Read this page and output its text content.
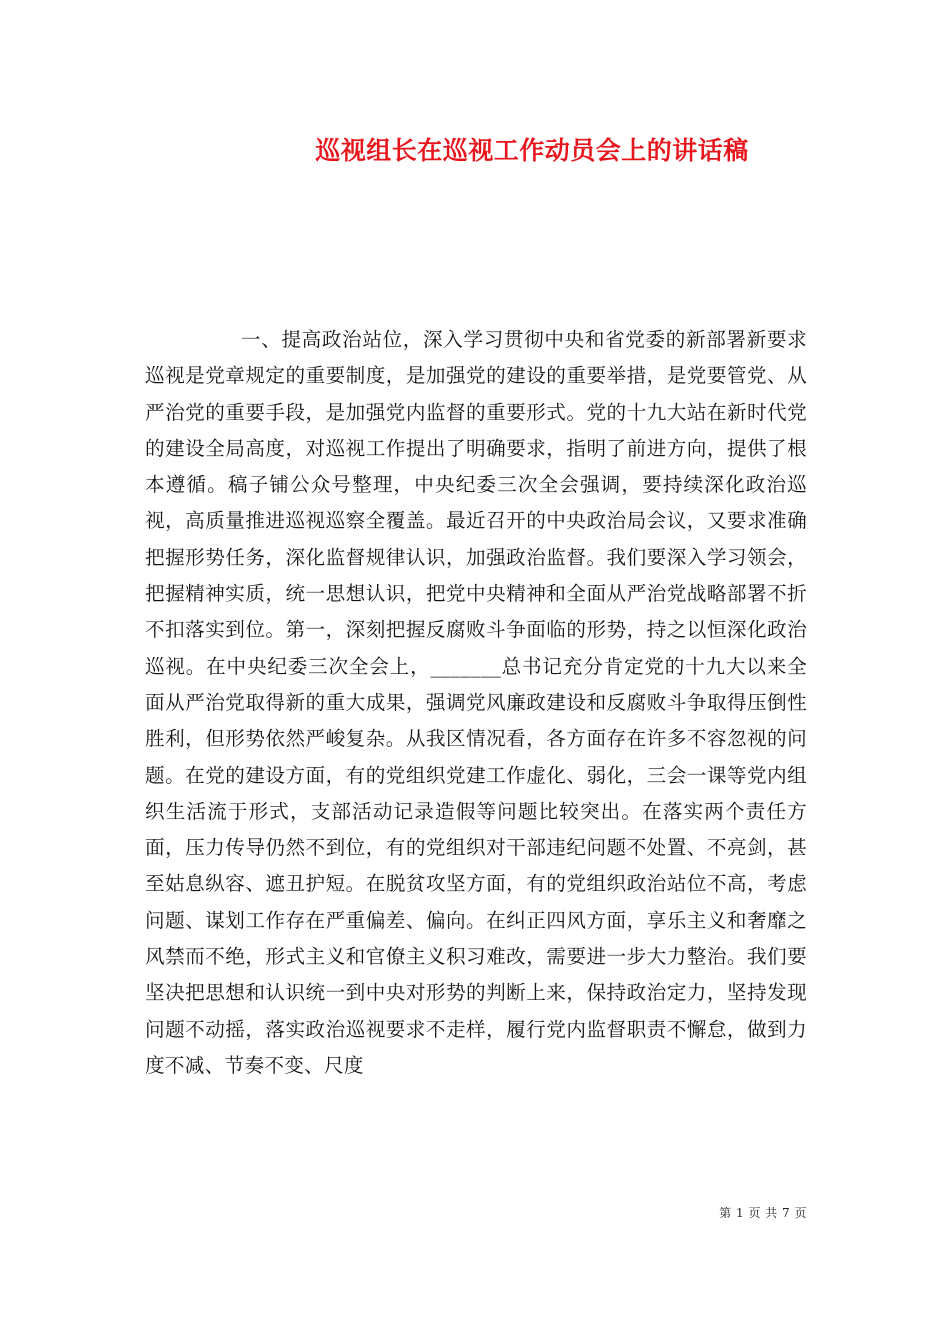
巡视组长在巡视工作动员会上的讲话稿

一、提高政治站位，深入学习贯彻中央和省党委的新部署新要求巡视是党章规定的重要制度，是加强党的建设的重要举措，是党要管党、从严治党的重要手段，是加强党内监督的重要形式。党的十九大站在新时代党的建设全局高度，对巡视工作提出了明确要求，指明了前进方向，提供了根本遵循。稿子铺公众号整理，中央纪委三次全会强调，要持续深化政治巡视，高质量推进巡视巡察全覆盖。最近召开的中央政治局会议，又要求准确把握形势任务，深化监督规律认识，加强政治监督。我们要深入学习领会，把握精神实质，统一思想认识，把党中央精神和全面从严治党战略部署不折不扣落实到位。第一，深刻把握反腐败斗争面临的形势，持之以恒深化政治巡视。在中央纪委三次全会上，_______总书记充分肯定党的十九大以来全面从严治党取得新的重大成果，强调党风廉政建设和反腐败斗争取得压倒性胜利，但形势依然严峻复杂。从我区情况看，各方面存在许多不容忽视的问题。在党的建设方面，有的党组织党建工作虚化、弱化，三会一课等党内组织生活流于形式，支部活动记录造假等问题比较突出。在落实两个责任方面，压力传导仍然不到位，有的党组织对干部违纪问题不处置、不亮剑，甚至姑息纵容、遮丑护短。在脱贫攻坚方面，有的党组织政治站位不高，考虑问题、谋划工作存在严重偏差、偏向。在纠正四风方面，享乐主义和奢靡之风禁而不绝，形式主义和官僚主义积习难改，需要进一步大力整治。我们要坚决把思想和认识统一到中央对形势的判断上来，保持政治定力，坚持发现问题不动摇，落实政治巡视要求不走样，履行党内监督职责不懈怠，做到力度不减、节奏不变、尺度

第 1 页 共 7 页
